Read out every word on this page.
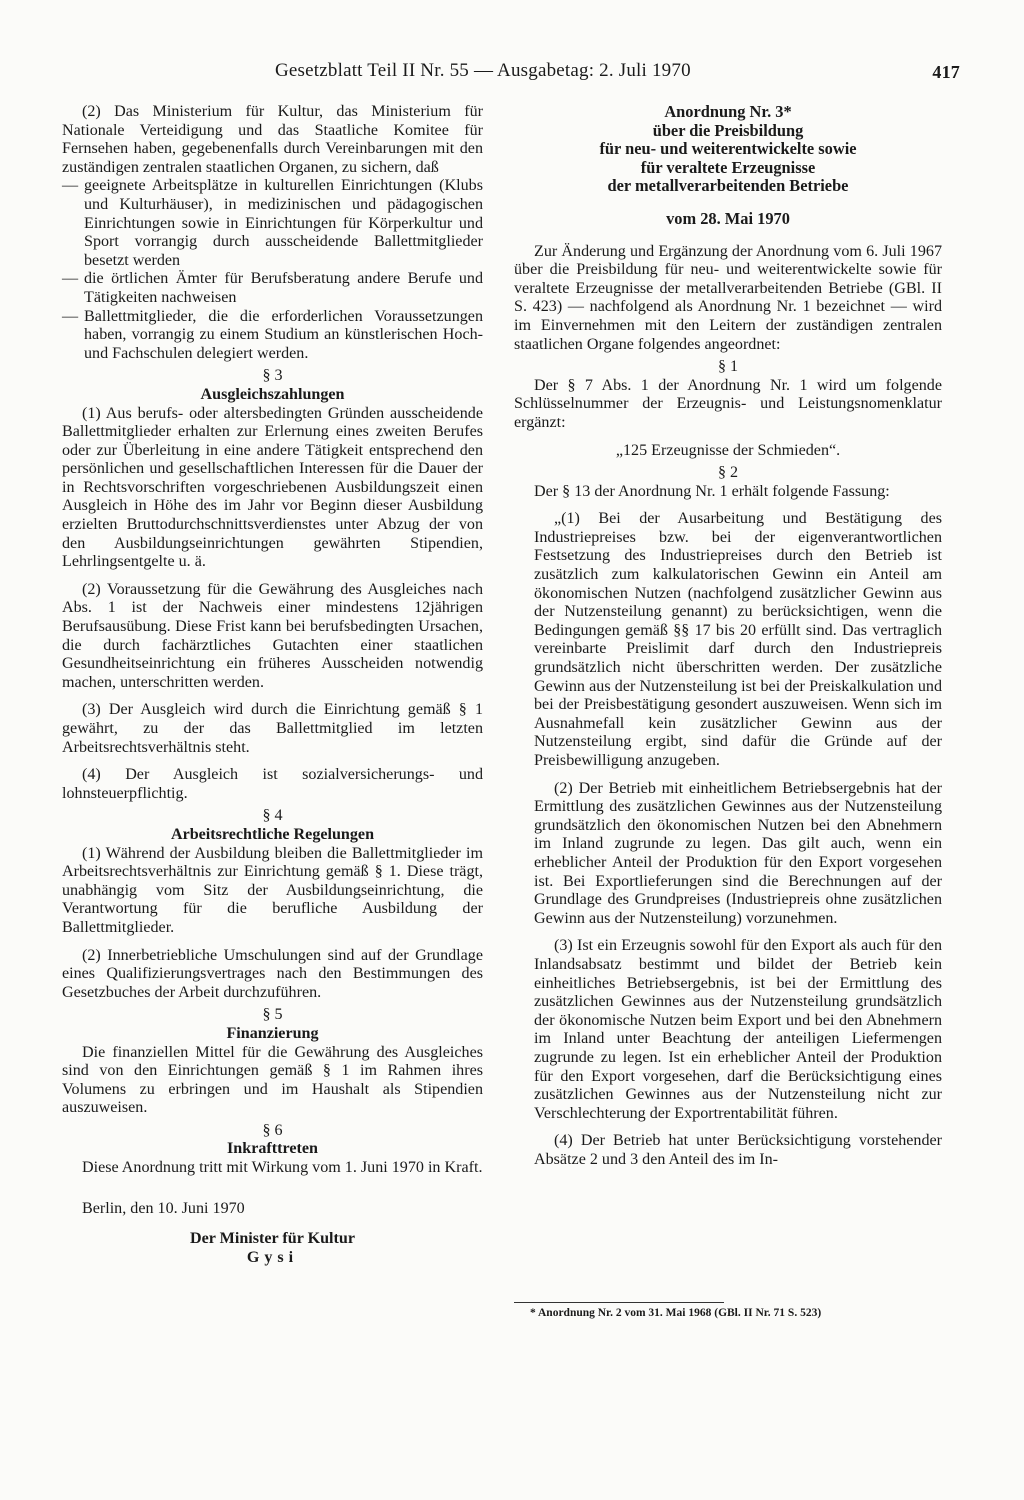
Gesetzblatt Teil II Nr. 55 — Ausgabetag: 2. Juli 1970	417

(2) Das Ministerium für Kultur, das Ministerium für Nationale Verteidigung und das Staatliche Komitee für Fernsehen haben, gegebenenfalls durch Vereinbarungen mit den zuständigen zentralen staatlichen Organen, zu sichern, daß

— geeignete Arbeitsplätze in kulturellen Einrichtungen (Klubs und Kulturhäuser), in medizinischen und pädagogischen Einrichtungen sowie in Einrichtungen für Körperkultur und Sport vorrangig durch ausscheidende Ballettmitglieder besetzt werden
— die örtlichen Ämter für Berufsberatung andere Berufe und Tätigkeiten nachweisen
— Ballettmitglieder, die die erforderlichen Voraussetzungen haben, vorrangig zu einem Studium an künstlerischen Hoch- und Fachschulen delegiert werden.
§ 3
Ausgleichszahlungen

(1) Aus berufs- oder altersbedingten Gründen ausscheidende Ballettmitglieder erhalten zur Erlernung eines zweiten Berufes oder zur Überleitung in eine andere Tätigkeit entsprechend den persönlichen und gesellschaftlichen Interessen für die Dauer der in Rechtsvorschriften vorgeschriebenen Ausbildungszeit einen Ausgleich in Höhe des im Jahr vor Beginn dieser Ausbildung erzielten Bruttodurchschnittsverdienstes unter Abzug der von den Ausbildungseinrichtungen gewährten Stipendien, Lehrlingsentgelte u. ä.

(2) Voraussetzung für die Gewährung des Ausgleiches nach Abs. 1 ist der Nachweis einer mindestens 12jährigen Berufsausübung. Diese Frist kann bei berufsbedingten Ursachen, die durch fachärztliches Gutachten einer staatlichen Gesundheitseinrichtung ein früheres Ausscheiden notwendig machen, unterschritten werden.

(3) Der Ausgleich wird durch die Einrichtung gemäß § 1 gewährt, zu der das Ballettmitglied im letzten Arbeitsrechtsverhältnis steht.

(4) Der Ausgleich ist sozialversicherungs- und lohnsteuerpflichtig.

§ 4
Arbeitsrechtliche Regelungen

(1) Während der Ausbildung bleiben die Ballettmitglieder im Arbeitsrechtsverhältnis zur Einrichtung gemäß § 1. Diese trägt, unabhängig vom Sitz der Ausbildungseinrichtung, die Verantwortung für die berufliche Ausbildung der Ballettmitglieder.

(2) Innerbetriebliche Umschulungen sind auf der Grundlage eines Qualifizierungsvertrages nach den Bestimmungen des Gesetzbuches der Arbeit durchzuführen.

§ 5
Finanzierung

Die finanziellen Mittel für die Gewährung des Ausgleiches sind von den Einrichtungen gemäß § 1 im Rahmen ihres Volumens zu erbringen und im Haushalt als Stipendien auszuweisen.

§ 6
Inkrafttreten

Diese Anordnung tritt mit Wirkung vom 1. Juni 1970 in Kraft.

Berlin, den 10. Juni 1970

Der Minister für Kultur
Gysi
Anordnung Nr. 3*
über die Preisbildung
für neu- und weiterentwickelte sowie
für veraltete Erzeugnisse
der metallverarbeitenden Betriebe
vom 28. Mai 1970

Zur Änderung und Ergänzung der Anordnung vom 6. Juli 1967 über die Preisbildung für neu- und weiterentwickelte sowie für veraltete Erzeugnisse der metallverarbeitenden Betriebe (GBl. II S. 423) — nachfolgend als Anordnung Nr. 1 bezeichnet — wird im Einvernehmen mit den Leitern der zuständigen zentralen staatlichen Organe folgendes angeordnet:

§ 1

Der § 7 Abs. 1 der Anordnung Nr. 1 wird um folgende Schlüsselnummer der Erzeugnis- und Leistungsnomenklatur ergänzt:

„125 Erzeugnisse der Schmieden“.

§ 2

Der § 13 der Anordnung Nr. 1 erhält folgende Fassung:

„(1) Bei der Ausarbeitung und Bestätigung des Industriepreises bzw. bei der eigenverantwortlichen Festsetzung des Industriepreises durch den Betrieb ist zusätzlich zum kalkulatorischen Gewinn ein Anteil am ökonomischen Nutzen (nachfolgend zusätzlicher Gewinn aus der Nutzensteilung genannt) zu berücksichtigen, wenn die Bedingungen gemäß §§ 17 bis 20 erfüllt sind. Das vertraglich vereinbarte Preislimit darf durch den Industriepreis grundsätzlich nicht überschritten werden. Der zusätzliche Gewinn aus der Nutzensteilung ist bei der Preiskalkulation und bei der Preisbestätigung gesondert auszuweisen. Wenn sich im Ausnahmefall kein zusätzlicher Gewinn aus der Nutzensteilung ergibt, sind dafür die Gründe auf der Preisbewilligung anzugeben.

(2) Der Betrieb mit einheitlichem Betriebsergebnis hat der Ermittlung des zusätzlichen Gewinnes aus der Nutzensteilung grundsätzlich den ökonomischen Nutzen bei den Abnehmern im Inland zugrunde zu legen. Das gilt auch, wenn ein erheblicher Anteil der Produktion für den Export vorgesehen ist. Bei Exportlieferungen sind die Berechnungen auf der Grundlage des Grundpreises (Industriepreis ohne zusätzlichen Gewinn aus der Nutzensteilung) vorzunehmen.

(3) Ist ein Erzeugnis sowohl für den Export als auch für den Inlandsabsatz bestimmt und bildet der Betrieb kein einheitliches Betriebsergebnis, ist bei der Ermittlung des zusätzlichen Gewinnes aus der Nutzensteilung grundsätzlich der ökonomische Nutzen beim Export und bei den Abnehmern im Inland unter Beachtung der anteiligen Liefermengen zugrunde zu legen. Ist ein erheblicher Anteil der Produktion für den Export vorgesehen, darf die Berücksichtigung eines zusätzlichen Gewinnes aus der Nutzensteilung nicht zur Verschlechterung der Exportrentabilität führen.

(4) Der Betrieb hat unter Berücksichtigung vorstehender Absätze 2 und 3 den Anteil des im In-

* Anordnung Nr. 2 vom 31. Mai 1968 (GBl. II Nr. 71 S. 523)
